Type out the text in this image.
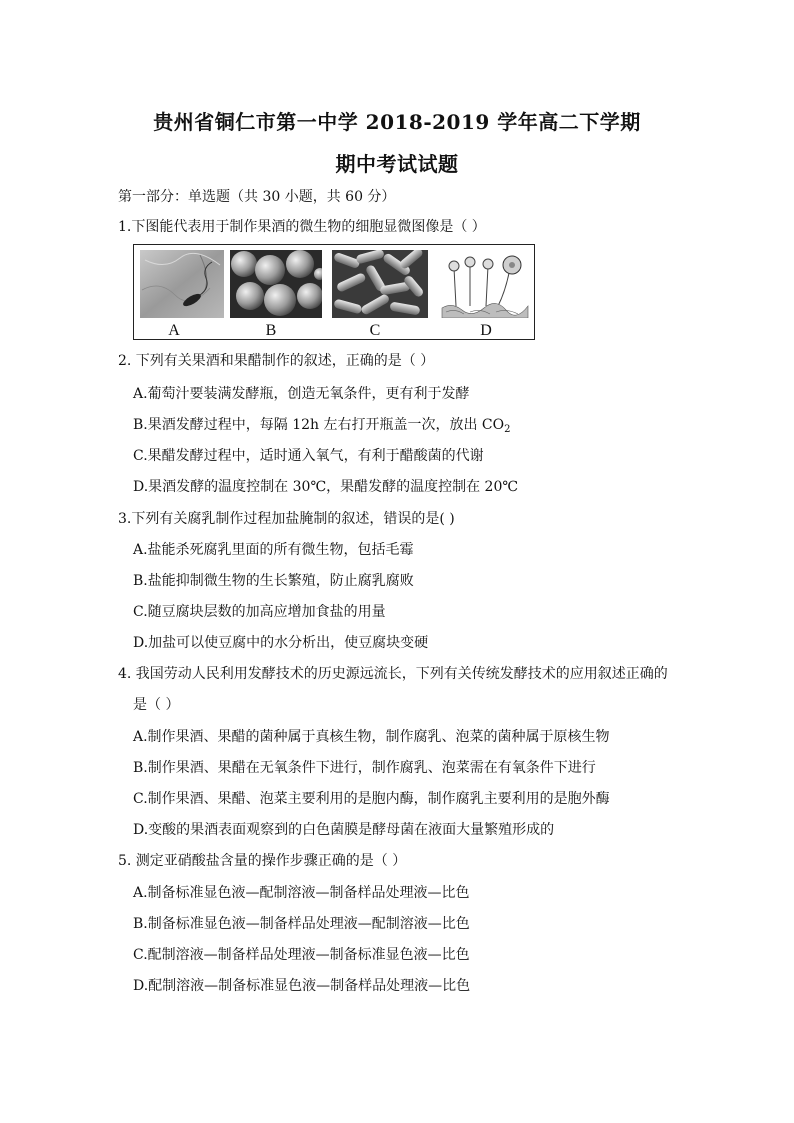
贵州省铜仁市第一中学 2018-2019 学年高二下学期
期中考试试题
第一部分：单选题（共 30 小题，共 60 分）
1.下图能代表用于制作果酒的微生物的细胞显微图像是（ ）
A	B	C	D
2. 下列有关果酒和果醋制作的叙述，正确的是（ ）
A.葡萄汁要装满发酵瓶，创造无氧条件，更有利于发酵
B.果酒发酵过程中，每隔 12h 左右打开瓶盖一次，放出 $CO_2$
C.果醋发酵过程中，适时通入氧气，有利于醋酸菌的代谢
D.果酒发酵的温度控制在 30℃，果醋发酵的温度控制在 20℃
3.下列有关腐乳制作过程加盐腌制的叙述，错误的是( )
A.盐能杀死腐乳里面的所有微生物，包括毛霉
B.盐能抑制微生物的生长繁殖，防止腐乳腐败
C.随豆腐块层数的加高应增加食盐的用量
D.加盐可以使豆腐中的水分析出，使豆腐块变硬
4. 我国劳动人民利用发酵技术的历史源远流长，下列有关传统发酵技术的应用叙述正确的
是（ ）
A.制作果酒、果醋的菌种属于真核生物，制作腐乳、泡菜的菌种属于原核生物
B.制作果酒、果醋在无氧条件下进行，制作腐乳、泡菜需在有氧条件下进行
C.制作果酒、果醋、泡菜主要利用的是胞内酶，制作腐乳主要利用的是胞外酶
D.变酸的果酒表面观察到的白色菌膜是酵母菌在液面大量繁殖形成的
5. 测定亚硝酸盐含量的操作步骤正确的是（ ）
A.制备标准显色液—配制溶液—制备样品处理液—比色
B.制备标准显色液—制备样品处理液—配制溶液—比色
C.配制溶液—制备样品处理液—制备标准显色液—比色
D.配制溶液—制备标准显色液—制备样品处理液—比色
